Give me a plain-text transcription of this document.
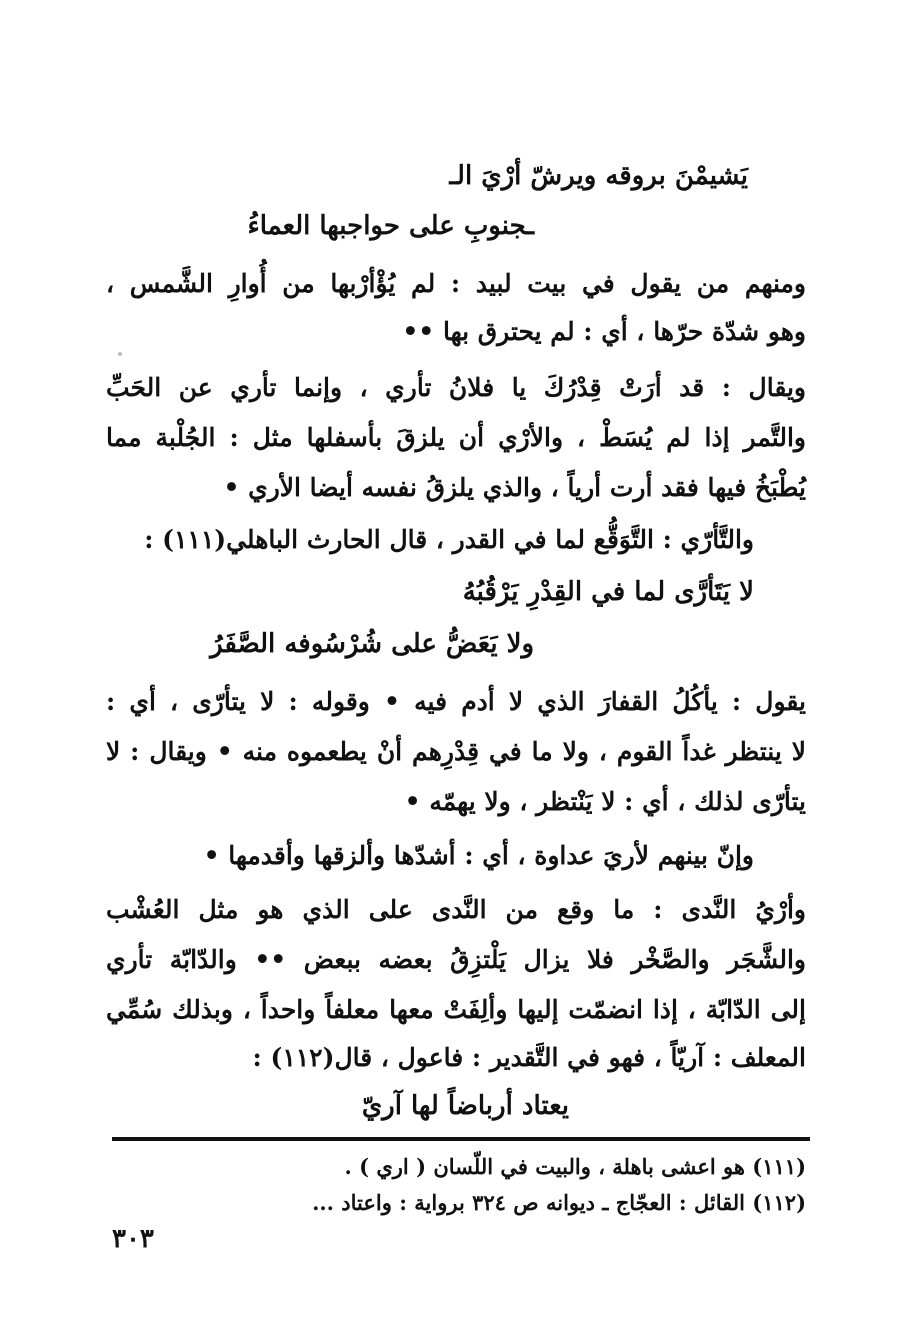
يَشيمْنَ بروقه ويرشّ أرْيَ الـ
ـجنوبِ على حواجبها العماءُ
ومنهم من يقول في بيت لبيد : لم يُؤْأرْبها من أُوارِ الشَّمس ،
وهو شدّة حرّها ، أي : لم يحترق بها ••
ويقال : قد أرَتْ قِدْرُكَ يا فلانُ تأري ، وإنما تأري عن الحَبِّ
والتَّمر إذا لم يُسَطْ ، والأرْي أن يلزقَ بأسفلها مثل : الجُلْبة مما
يُطْبَخُ فيها فقد أرت أرياً ، والذي يلزقُ نفسه أيضا الأري •
والتَّأرّي : التَّوَقُّع لما في القدر ، قال الحارث الباهلي(١١١) :
لا يَتَأرَّى لما في القِدْرِ يَرْقُبُهُ
ولا يَعَضُّ على شُرْسُوفه الصَّفَرُ
يقول : يأكُلُ القفارَ الذي لا أدم فيه • وقوله : لا يتأرّى ، أي :
لا ينتظر غداً القوم ، ولا ما في قِدْرِهم أنْ يطعموه منه • ويقال : لا
يتأرّى لذلك ، أي : لا يَنْتظر ، ولا يهمّه •
وإنّ بينهم لأريَ عداوة ، أي : أشدّها وألزقها وأقدمها •
وأرْيُ النَّدى : ما وقع من النَّدى على الذي هو مثل العُشْب
والشَّجَر والصَّخْر فلا يزال يَلْتزِقُ بعضه ببعض •• والدّابّة تأري
إلى الدّابّة ، إذا انضمّت إليها وألِفَتْ معها معلفاً واحداً ، وبذلك سُمِّي
المعلف : آريّاً ، فهو في التَّقدير : فاعول ، قال(١١٢) :
يعتاد أرباضاً لها آريّ
(١١١) هو اعشى باهلة ، والبيت في اللّسان ( اري ) .
(١١٢) القائل : العجّاج ـ ديوانه ص ٣٢٤ برواية : واعتاد ...
٣٠٣
